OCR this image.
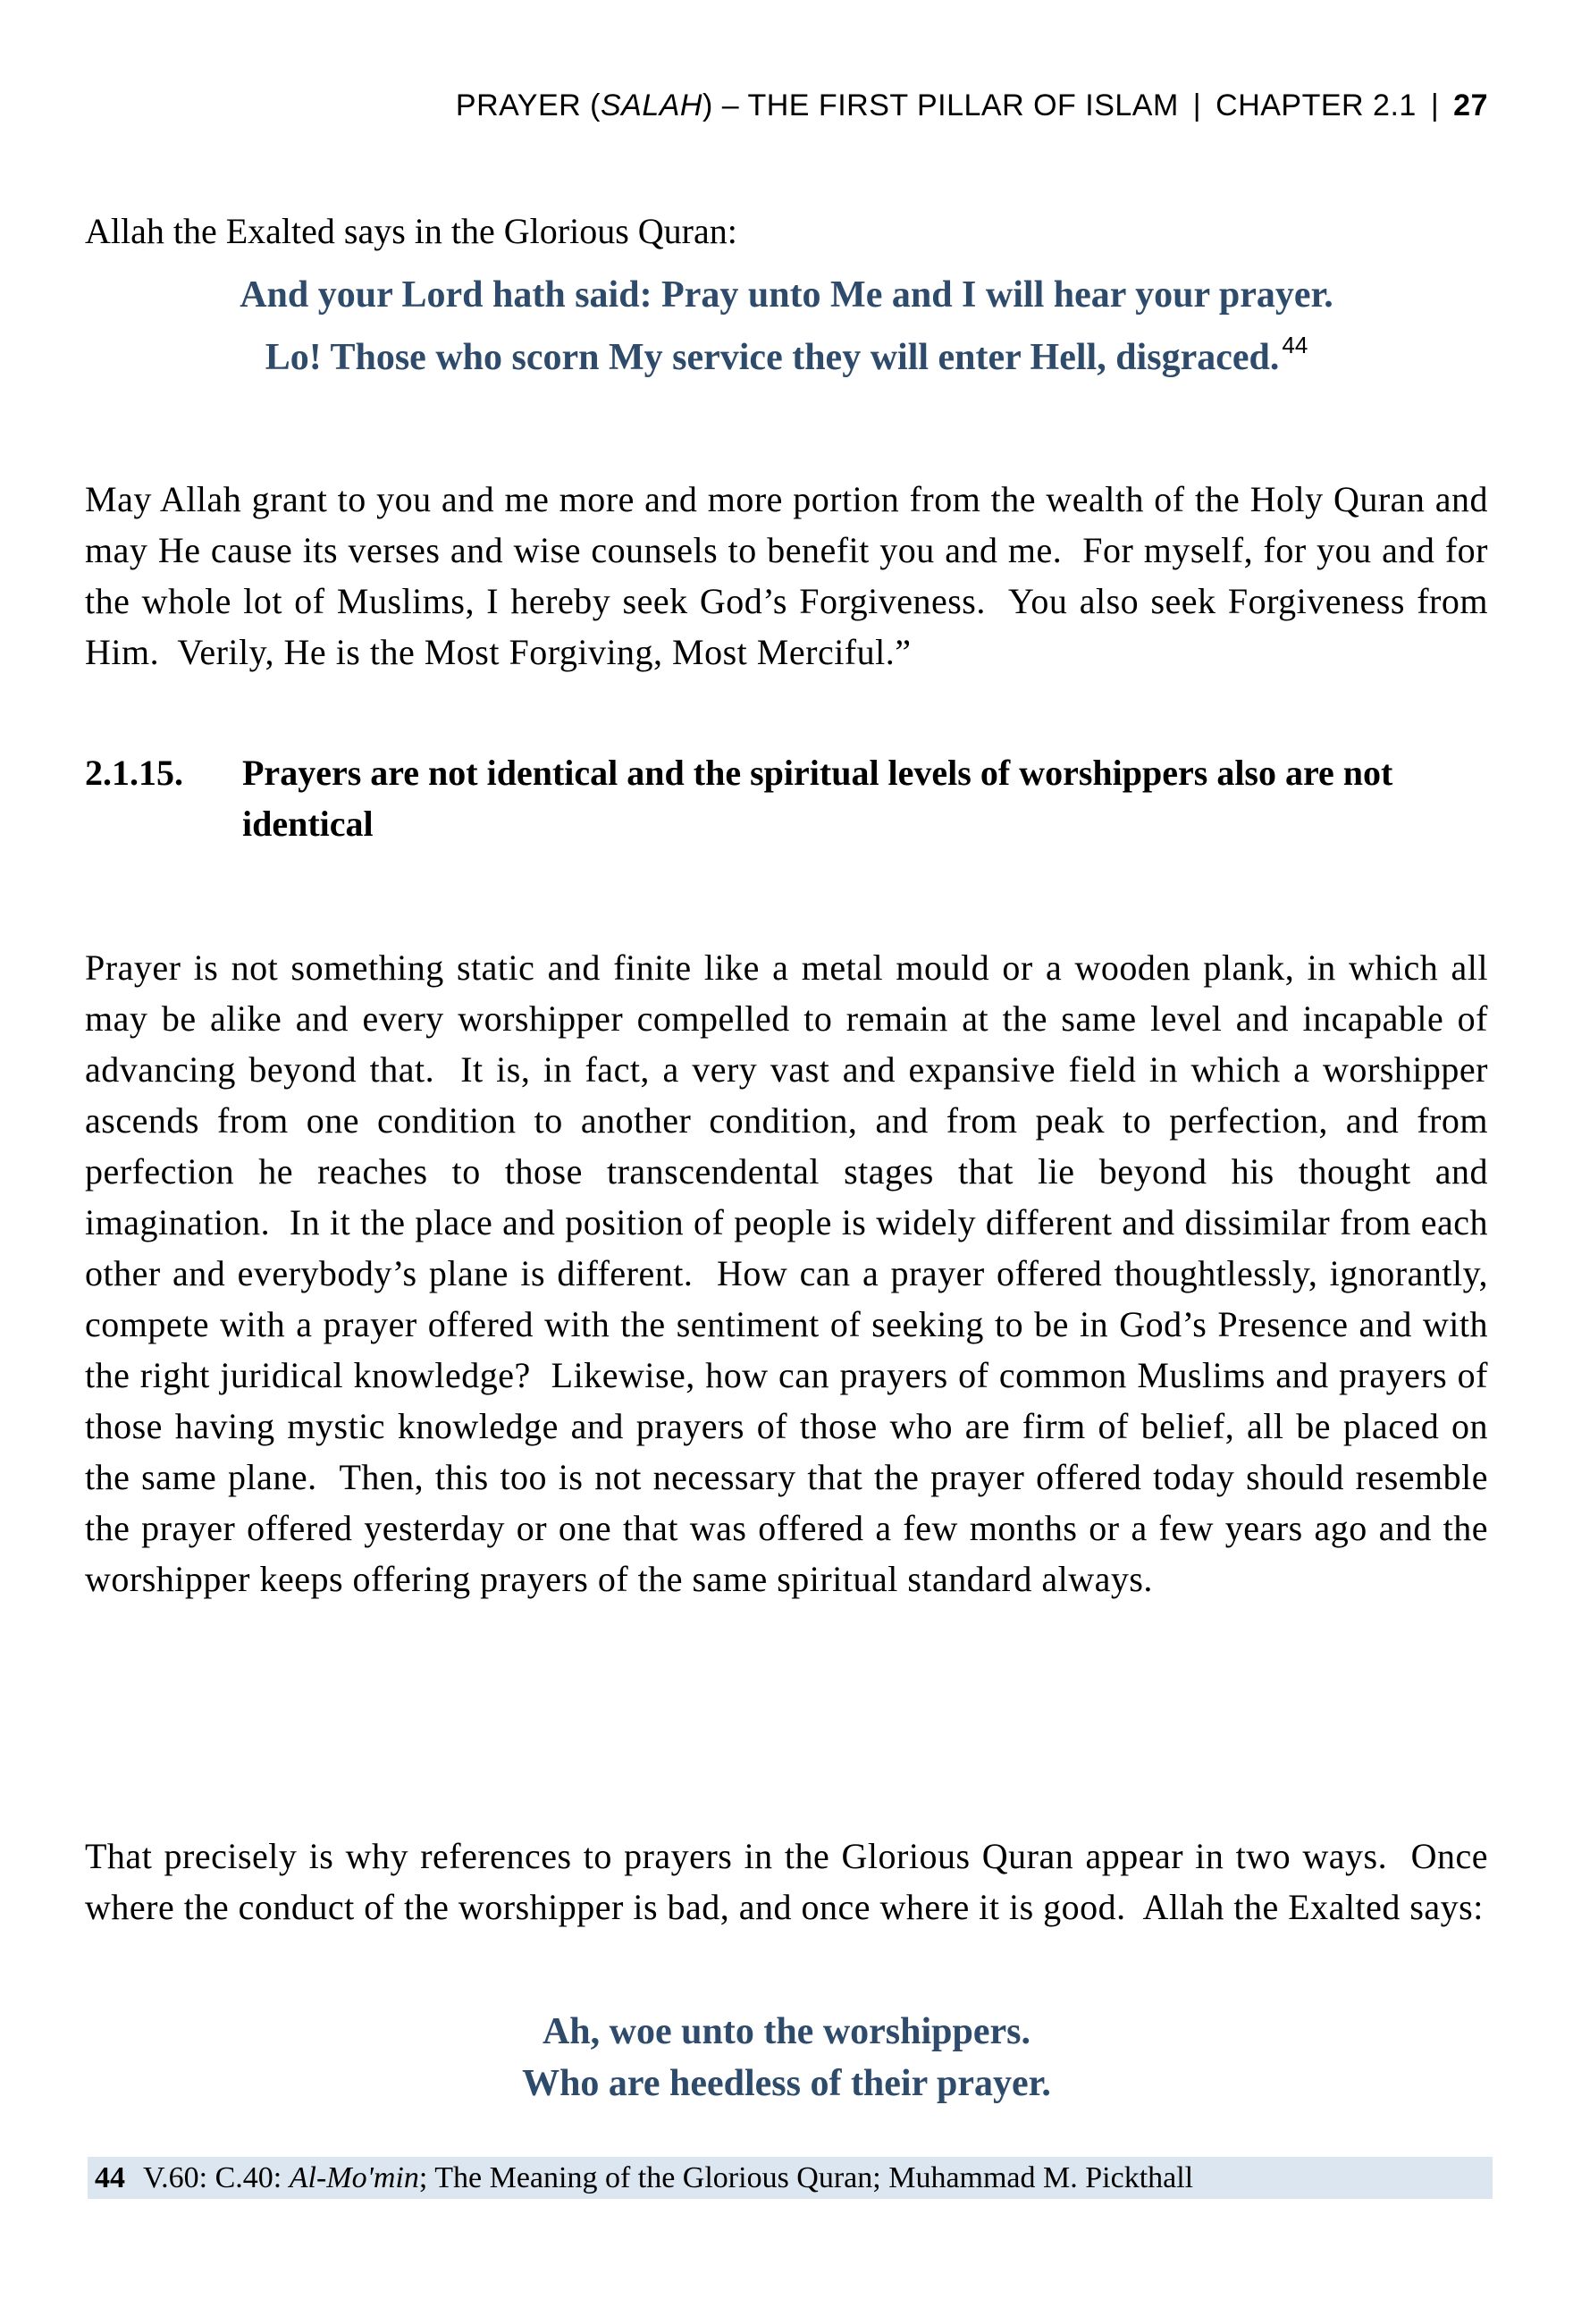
PRAYER (SALAH) – THE FIRST PILLAR OF ISLAM | CHAPTER 2.1 | 27

Allah the Exalted says in the Glorious Quran:

And your Lord hath said: Pray unto Me and I will hear your prayer.
Lo! Those who scorn My service they will enter Hell, disgraced. $^{44}$

May Allah grant to you and me more and more portion from the wealth of the Holy Quran and may He cause its verses and wise counsels to benefit you and me.  For myself, for you and for the whole lot of Muslims, I hereby seek God’s Forgiveness.  You also seek Forgiveness from Him.  Verily, He is the Most Forgiving, Most Merciful.”

2.1.15.	Prayers are not identical and the spiritual levels of worshippers also are not identical

Prayer is not something static and finite like a metal mould or a wooden plank, in which all may be alike and every worshipper compelled to remain at the same level and incapable of advancing beyond that.  It is, in fact, a very vast and expansive field in which a worshipper ascends from one condition to another condition, and from peak to perfection, and from perfection he reaches to those transcendental stages that lie beyond his thought and imagination.  In it the place and position of people is widely different and dissimilar from each other and everybody’s plane is different.  How can a prayer offered thoughtlessly, ignorantly, compete with a prayer offered with the sentiment of seeking to be in God’s Presence and with the right juridical knowledge?  Likewise, how can prayers of common Muslims and prayers of those having mystic knowledge and prayers of those who are firm of belief, all be placed on the same plane.  Then, this too is not necessary that the prayer offered today should resemble the prayer offered yesterday or one that was offered a few months or a few years ago and the worshipper keeps offering prayers of the same spiritual standard always.

That precisely is why references to prayers in the Glorious Quran appear in two ways.  Once where the conduct of the worshipper is bad, and once where it is good.  Allah the Exalted says:

Ah, woe unto the worshippers.
Who are heedless of their prayer.
44 V.60: C.40: Al-Mo'min; The Meaning of the Glorious Quran; Muhammad M. Pickthall
